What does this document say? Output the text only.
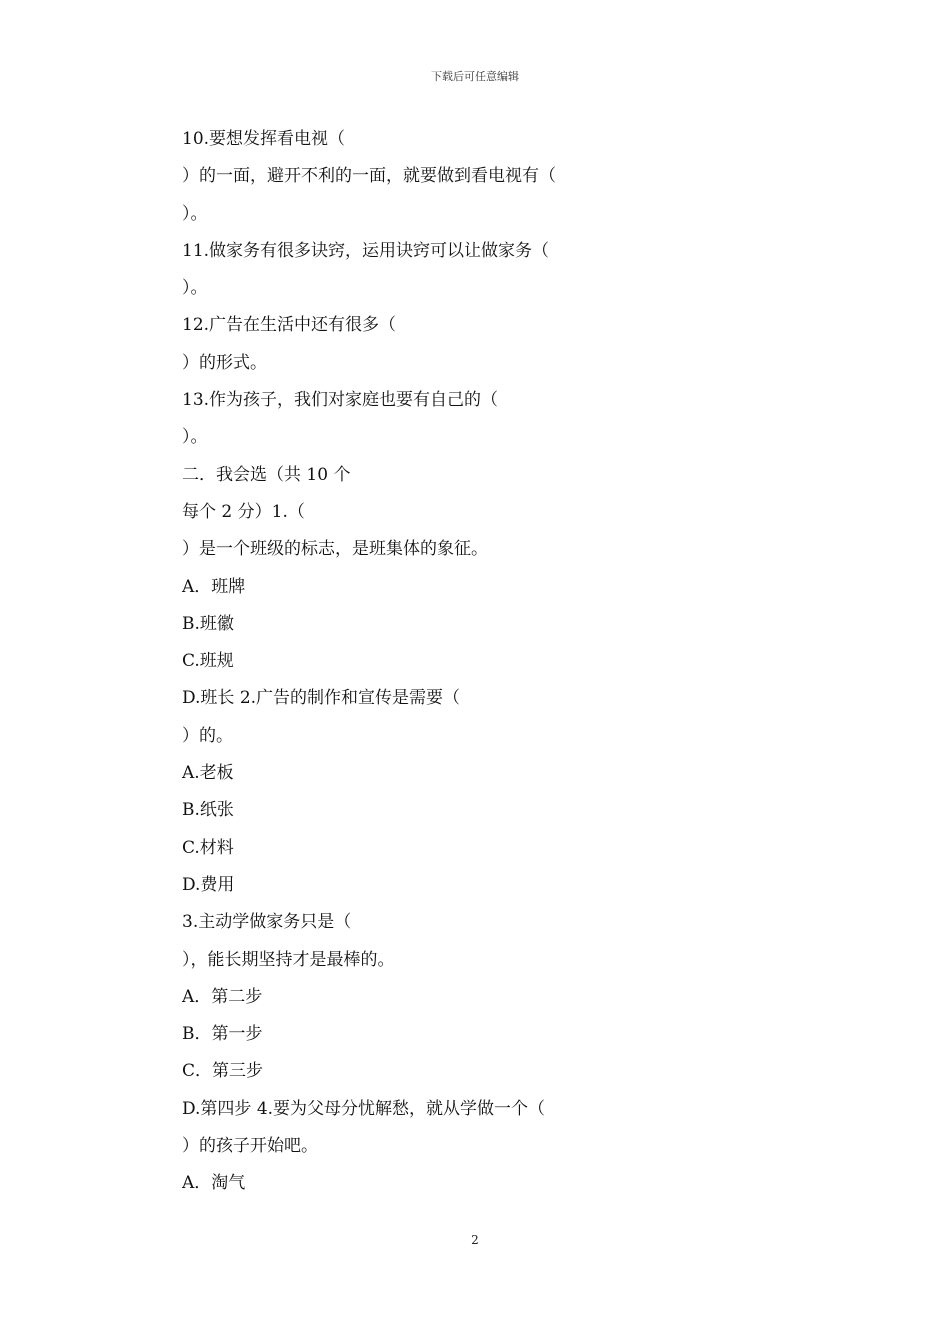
下载后可任意编辑
10.要想发挥看电视（
）的一面，避开不利的一面，就要做到看电视有（
）。
11.做家务有很多诀窍，运用诀窍可以让做家务（
）。
12.广告在生活中还有很多（
）的形式。
13.作为孩子，我们对家庭也要有自己的（
）。
二．我会选（共 10 个
每个 2 分）1.（
）是一个班级的标志，是班集体的象征。
A．班牌
B.班徽
C.班规
D.班长 2.广告的制作和宣传是需要（
）的。
A.老板
B.纸张
C.材料
D.费用
3.主动学做家务只是（
），能长期坚持才是最棒的。
A．第二步
B．第一步
C．第三步
D.第四步 4.要为父母分忧解愁，就从学做一个（
）的孩子开始吧。
A．淘气
2
